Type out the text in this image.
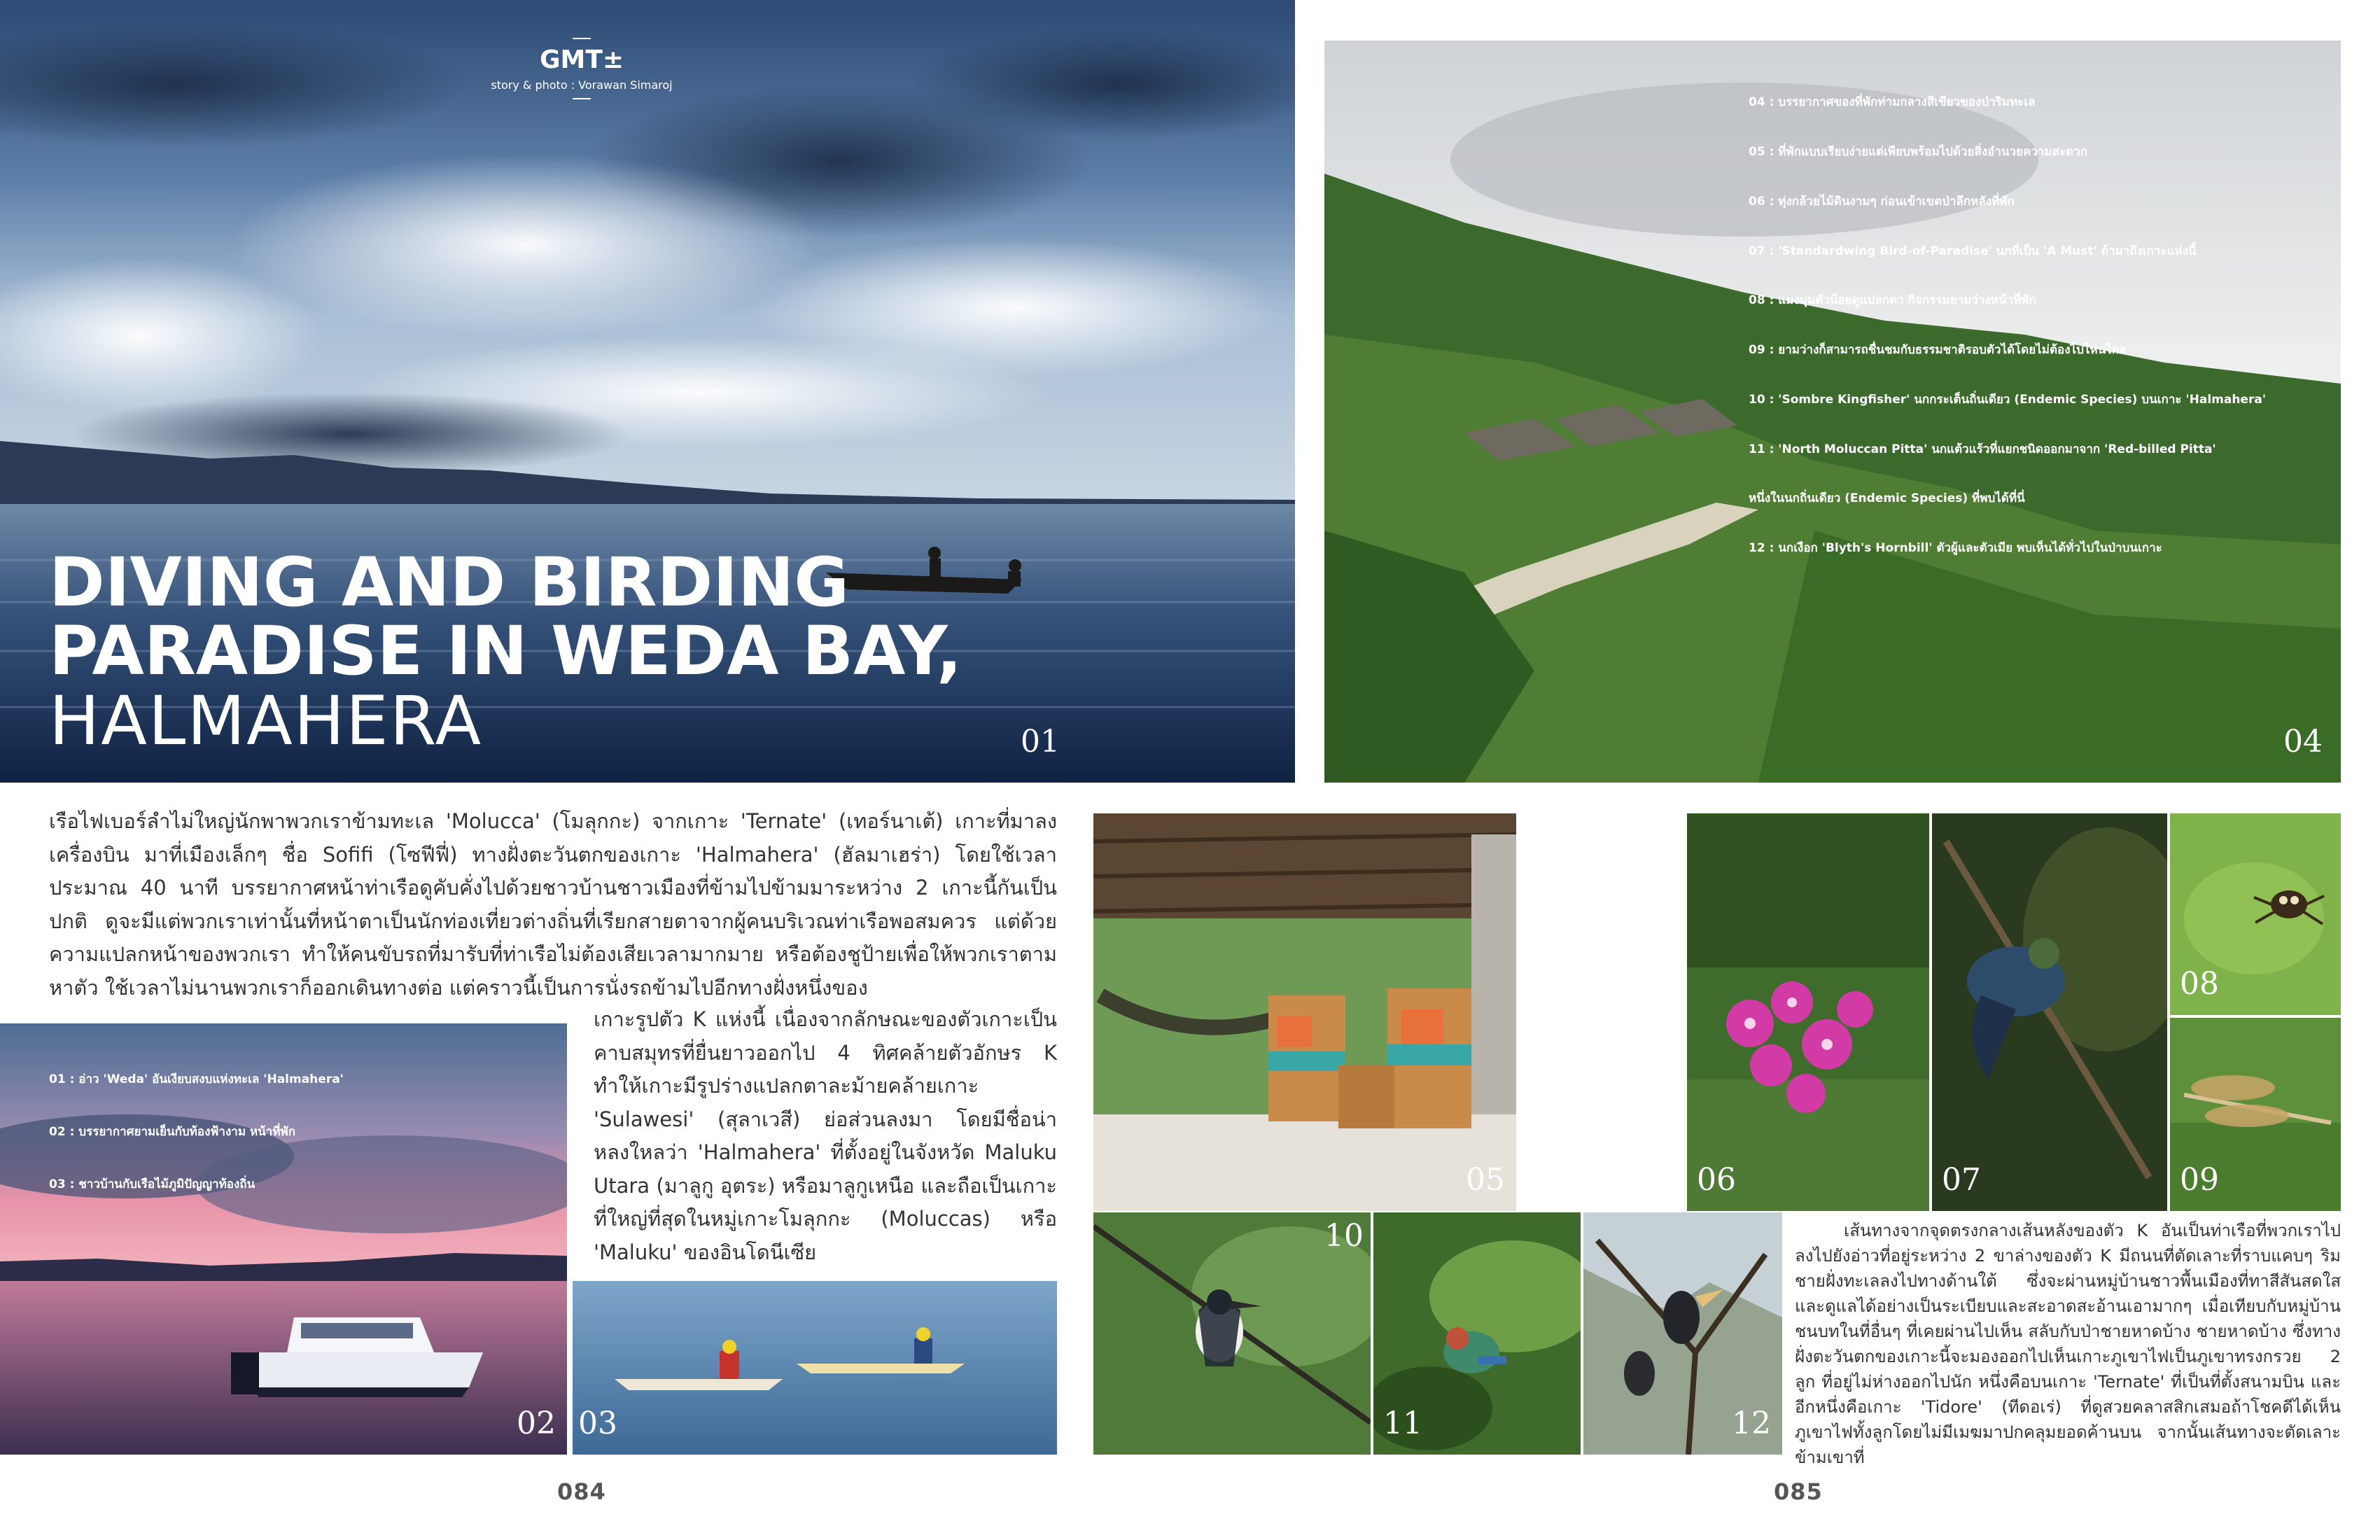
GMT±
story & photo : Vorawan Simaroj
DIVING AND BIRDING
PARADISE IN WEDA BAY,
HALMAHERA	01

เรือไฟเบอร์ลำไม่ใหญ่นักพาพวกเราข้ามทะเล 'Molucca' (โมลุกกะ) จากเกาะ 'Ternate' (เทอร์นาเต้) เกาะที่มาลงเครื่องบิน มาที่เมืองเล็กๆ ชื่อ Sofifi (โซฟีฟี่) ทางฝั่งตะวันตกของเกาะ 'Halmahera' (ฮัลมาเฮร่า) โดยใช้เวลาประมาณ 40 นาที บรรยากาศหน้าท่าเรือดูคับคั่งไปด้วยชาวบ้านชาวเมืองที่ข้ามไปข้ามมาระหว่าง 2 เกาะนี้กันเป็นปกติ ดูจะมีแต่พวกเราเท่านั้นที่หน้าตาเป็นนักท่องเที่ยวต่างถิ่นที่เรียกสายตาจากผู้คนบริเวณท่าเรือพอสมควร แต่ด้วยความแปลกหน้าของพวกเรา ทำให้คนขับรถที่มารับที่ท่าเรือไม่ต้องเสียเวลามากมาย หรือต้องชูป้ายเพื่อให้พวกเราตามหาตัว ใช้เวลาไม่นานพวกเราก็ออกเดินทางต่อ แต่คราวนี้เป็นการนั่งรถข้ามไปอีกทางฝั่งหนึ่งของ

เกาะรูปตัว K แห่งนี้ เนื่องจากลักษณะของตัวเกาะเป็นคาบสมุทรที่ยื่นยาวออกไป 4 ทิศคล้ายตัวอักษร K ทำให้เกาะมีรูปร่างแปลกตาละม้ายคล้ายเกาะ 'Sulawesi' (สุลาเวสี) ย่อส่วนลงมา โดยมีชื่อน่าหลงใหลว่า 'Halmahera' ที่ตั้งอยู่ในจังหวัด Maluku Utara (มาลูกู อุตระ) หรือมาลูกูเหนือ และถือเป็นเกาะที่ใหญ่ที่สุดในหมู่เกาะโมลุกกะ (Moluccas) หรือ 'Maluku' ของอินโดนีเซีย

01 : อ่าว 'Weda' อันเงียบสงบแห่งทะเล 'Halmahera'

02 : บรรยากาศยามเย็นกับท้องฟ้างาม หน้าที่พัก

03 : ชาวบ้านกับเรือไม้ภูมิปัญญาท้องถิ่น

02 03
084

04 : บรรยากาศของที่พักท่ามกลางสีเขียวของป่าริมทะเล

05 : ที่พักแบบเรียบง่ายแต่เพียบพร้อมไปด้วยสิ่งอำนวยความสะดวก

06 : ทุ่งกล้วยไม้ดินงามๆ ก่อนเข้าเขตป่าลึกหลังที่พัก

07 : 'Standardwing Bird-of-Paradise' นกที่เป็น 'A Must' ถ้ามาถึงเกาะแห่งนี้

08 : แมงมุมตัวน้อยดูแปลกตา กิจกรรมยามว่างหน้าที่พัก

09 : ยามว่างก็สามารถชื่นชมกับธรรมชาติรอบตัวได้โดยไม่ต้องไปไหนไกล

10 : 'Sombre Kingfisher' นกกระเต็นถิ่นเดียว (Endemic Species) บนเกาะ 'Halmahera'

11 : 'North Moluccan Pitta' นกแต้วแร้วที่แยกชนิดออกมาจาก 'Red-billed Pitta'

หนึ่งในนกถิ่นเดียว (Endemic Species) ที่พบได้ที่นี่

12 : นกเงือก 'Blyth's Hornbill' ตัวผู้และตัวเมีย พบเห็นได้ทั่วไปในป่าบนเกาะ

04
05	06	07
08
09
10
11	12

เส้นทางจากจุดตรงกลางเส้นหลังของตัว K อันเป็นท่าเรือที่พวกเราไปลงไปยังอ่าวที่อยู่ระหว่าง 2 ขาล่างของตัว K มีถนนที่ตัดเลาะที่ราบแคบๆ ริมชายฝั่งทะเลลงไปทางด้านใต้ ซึ่งจะผ่านหมู่บ้านชาวพื้นเมืองที่ทาสีสันสดใส และดูแลได้อย่างเป็นระเบียบและสะอาดสะอ้านเอามากๆ เมื่อเทียบกับหมู่บ้านชนบทในที่อื่นๆ ที่เคยผ่านไปเห็น สลับกับป่าชายหาดบ้าง ชายหาดบ้าง ซึ่งทางฝั่งตะวันตกของเกาะนี้จะมองออกไปเห็นเกาะภูเขาไฟเป็นภูเขาทรงกรวย 2 ลูก ที่อยู่ไม่ห่างออกไปนัก หนึ่งคือบนเกาะ 'Ternate' ที่เป็นที่ตั้งสนามบิน และอีกหนึ่งคือเกาะ 'Tidore' (ทีดอเร่) ที่ดูสวยคลาสสิกเสมอถ้าโชคดีได้เห็นภูเขาไฟทั้งลูกโดยไม่มีเมฆมาปกคลุมยอดค้านบน จากนั้นเส้นทางจะตัดเลาะข้ามเขาที่

085
